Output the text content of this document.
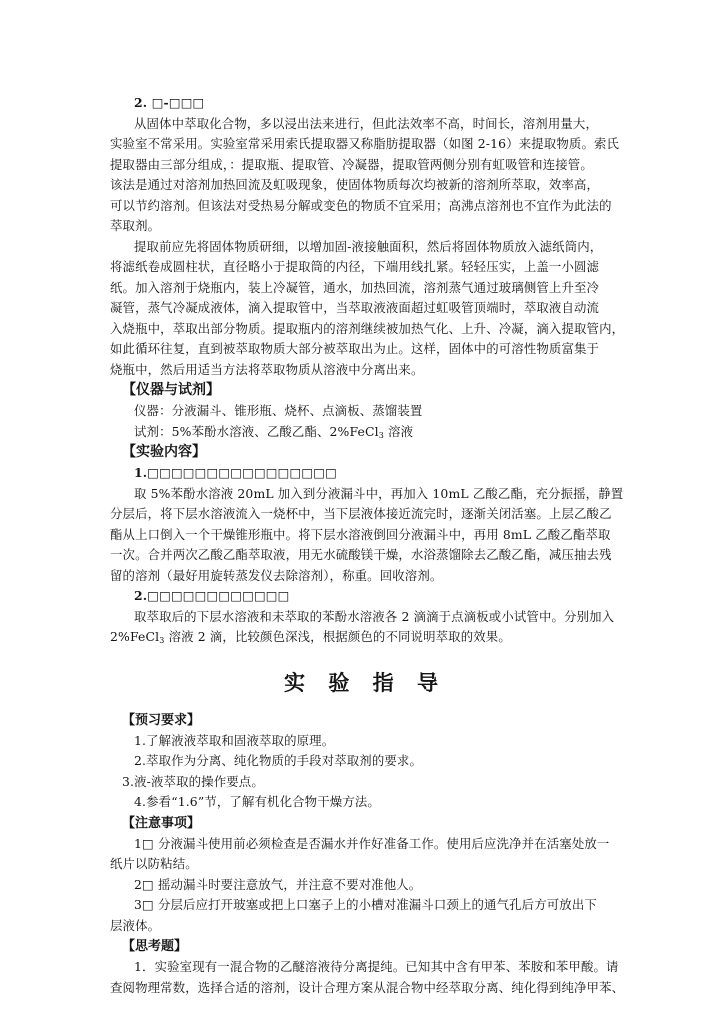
2. □-□□□
从固体中萃取化合物，多以浸出法来进行，但此法效率不高，时间长，溶剂用量大，
实验室不常采用。实验室常采用索氏提取器又称脂肪提取器（如图 2-16）来提取物质。索氏
提取器由三部分组成，：提取瓶、提取管、冷凝器，提取管两侧分别有虹吸管和连接管。
该法是通过对溶剂加热回流及虹吸现象，使固体物质每次均被新的溶剂所萃取，效率高，
可以节约溶剂。但该法对受热易分解或变色的物质不宜采用；高沸点溶剂也不宜作为此法的
萃取剂。
提取前应先将固体物质研细，以增加固-液接触面积，然后将固体物质放入滤纸筒内，
将滤纸卷成圆柱状，直径略小于提取筒的内径，下端用线扎紧。轻轻压实，上盖一小圆滤
纸。加入溶剂于烧瓶内，装上冷凝管，通水，加热回流，溶剂蒸气通过玻璃侧管上升至冷
凝管，蒸气冷凝成液体，滴入提取管中，当萃取液液面超过虹吸管顶端时，萃取液自动流
入烧瓶中，萃取出部分物质。提取瓶内的溶剂继续被加热气化、上升、冷凝，滴入提取管内，
如此循环往复，直到被萃取物质大部分被萃取出为止。这样，固体中的可溶性物质富集于
烧瓶中，然后用适当方法将萃取物质从溶液中分离出来。
【仪器与试剂】
仪器：分液漏斗、锥形瓶、烧杯、点滴板、蒸馏装置
试剂：5%苯酚水溶液、乙酸乙酯、2%FeCl$_3$ 溶液
【实验内容】
1.□□□□□□□□□□□□□□□□
取 5%苯酚水溶液 20mL 加入到分液漏斗中，再加入 10mL 乙酸乙酯，充分振摇，静置
分层后，将下层水溶液流入一烧杯中，当下层液体接近流完时，逐渐关闭活塞。上层乙酸乙
酯从上口倒入一个干燥锥形瓶中。将下层水溶液倒回分液漏斗中，再用 8mL 乙酸乙酯萃取
一次。合并两次乙酸乙酯萃取液，用无水硫酸镁干燥，水浴蒸馏除去乙酸乙酯，减压抽去残
留的溶剂（最好用旋转蒸发仪去除溶剂），称重。回收溶剂。
2.□□□□□□□□□□□□
取萃取后的下层水溶液和未萃取的苯酚水溶液各 2 滴滴于点滴板或小试管中。分别加入
2%FeCl$_3$ 溶液 2 滴，比较颜色深浅，根据颜色的不同说明萃取的效果。
实 验 指 导
【预习要求】
1.了解液液萃取和固液萃取的原理。
2.萃取作为分离、纯化物质的手段对萃取剂的要求。
3.液-液萃取的操作要点。
4.参看“1.6”节，了解有机化合物干燥方法。
【注意事项】
1□ 分液漏斗使用前必须检查是否漏水并作好准备工作。使用后应洗净并在活塞处放一
纸片以防粘结。
2□ 摇动漏斗时要注意放气，并注意不要对准他人。
3□ 分层后应打开玻塞或把上口塞子上的小槽对准漏斗口颈上的通气孔后方可放出下
层液体。
【思考题】
1．实验室现有一混合物的乙醚溶液待分离提纯。已知其中含有甲苯、苯胺和苯甲酸。请
查阅物理常数，选择合适的溶剂，设计合理方案从混合物中经萃取分离、纯化得到纯净甲苯、
